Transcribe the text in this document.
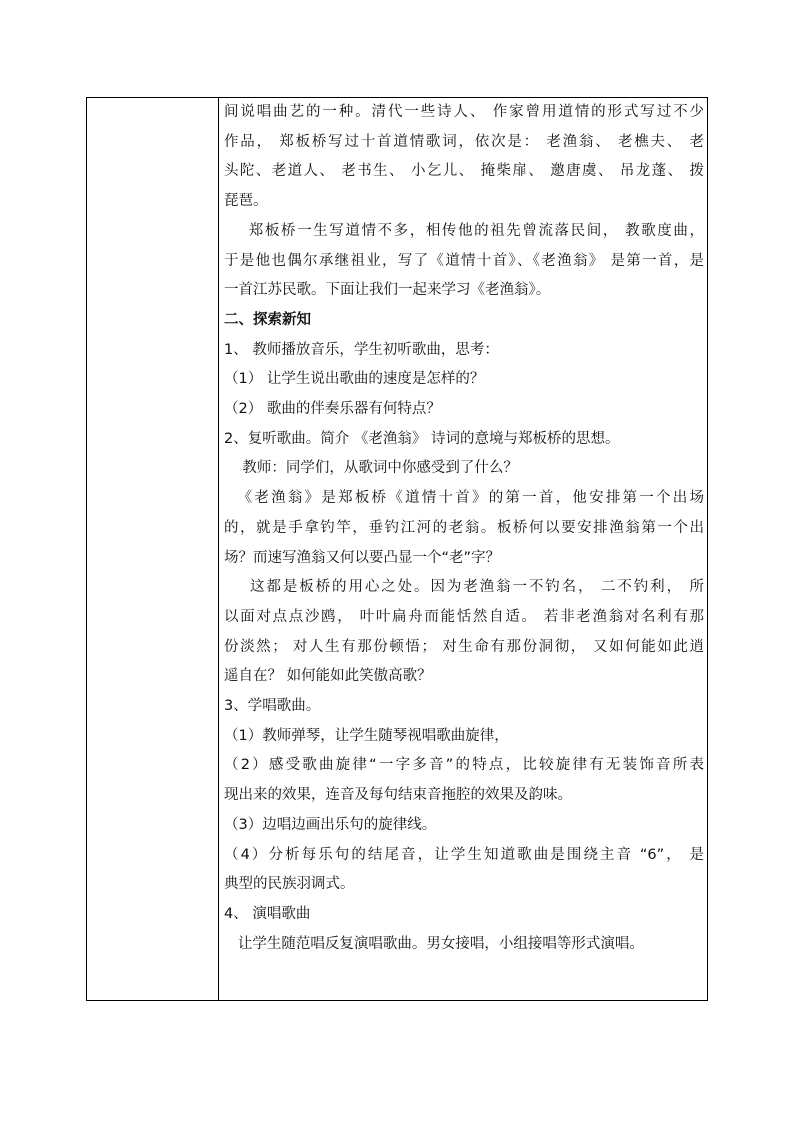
间说唱曲艺的一种。清代一些诗人、 作家曾用道情的形式写过不少

作品， 郑板桥写过十首道情歌词，依次是： 老渔翁、 老樵夫、 老

头陀、老道人、 老书生、 小乞儿、 掩柴扉、 邀唐虞、 吊龙蓬、 拨

琵琶。

郑板桥一生写道情不多，相传他的祖先曾流落民间， 教歌度曲，

于是他也偶尔承继祖业，写了《道情十首》、《老渔翁》 是第一首，是

一首江苏民歌。下面让我们一起来学习《老渔翁》。

二、探索新知

1、 教师播放音乐，学生初听歌曲，思考：

（1） 让学生说出歌曲的速度是怎样的？

（2） 歌曲的伴奏乐器有何特点？

2、复听歌曲。简介 《老渔翁》 诗词的意境与郑板桥的思想。

教师：同学们，从歌词中你感受到了什么？

《老渔翁》是郑板桥《道情十首》的第一首，他安排第一个出场

的，就是手拿钓竿，垂钓江河的老翁。板桥何以要安排渔翁第一个出

场？而速写渔翁又何以要凸显一个“老”字？

这都是板桥的用心之处。因为老渔翁一不钓名， 二不钓利， 所

以面对点点沙鸥， 叶叶扁舟而能恬然自适。 若非老渔翁对名利有那

份淡然； 对人生有那份顿悟； 对生命有那份洞彻， 又如何能如此逍

遥自在？ 如何能如此笑傲高歌？

3、学唱歌曲。

（1）教师弹琴，让学生随琴视唱歌曲旋律，

（2）感受歌曲旋律“一字多音”的特点，比较旋律有无装饰音所表

现出来的效果，连音及每句结束音拖腔的效果及韵味。

（3）边唱边画出乐句的旋律线。

（4）分析每乐句的结尾音，让学生知道歌曲是围绕主音 “6”， 是

典型的民族羽调式。

4、 演唱歌曲

让学生随范唱反复演唱歌曲。男女接唱，小组接唱等形式演唱。
